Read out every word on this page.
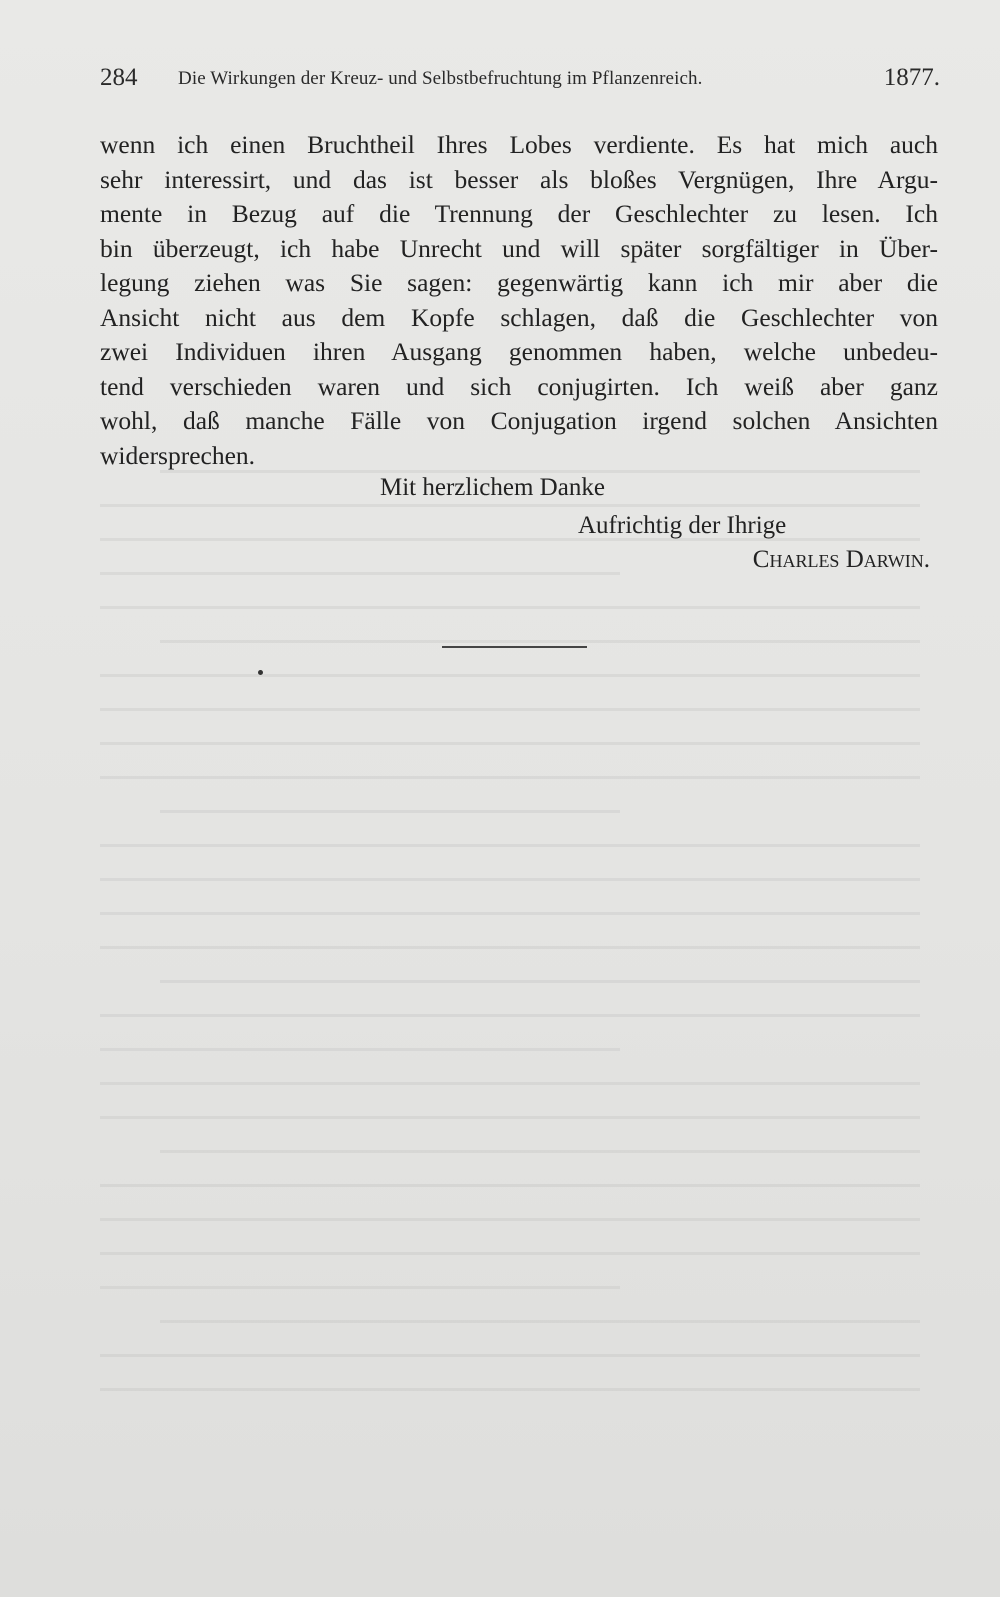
284 Die Wirkungen der Kreuz- und Selbstbefruchtung im Pflanzenreich.	1877.
wenn ich einen Bruchtheil Ihres Lobes verdiente. Es hat mich auch
sehr interessirt, und das ist besser als bloßes Vergnügen, Ihre Argu-
mente in Bezug auf die Trennung der Geschlechter zu lesen. Ich
bin überzeugt, ich habe Unrecht und will später sorgfältiger in Über-
legung ziehen was Sie sagen: gegenwärtig kann ich mir aber die
Ansicht nicht aus dem Kopfe schlagen, daß die Geschlechter von
zwei Individuen ihren Ausgang genommen haben, welche unbedeu-
tend verschieden waren und sich conjugirten. Ich weiß aber ganz
wohl, daß manche Fälle von Conjugation irgend solchen Ansichten
widersprechen.
Mit herzlichem Danke
Aufrichtig der Ihrige
Charles Darwin.
